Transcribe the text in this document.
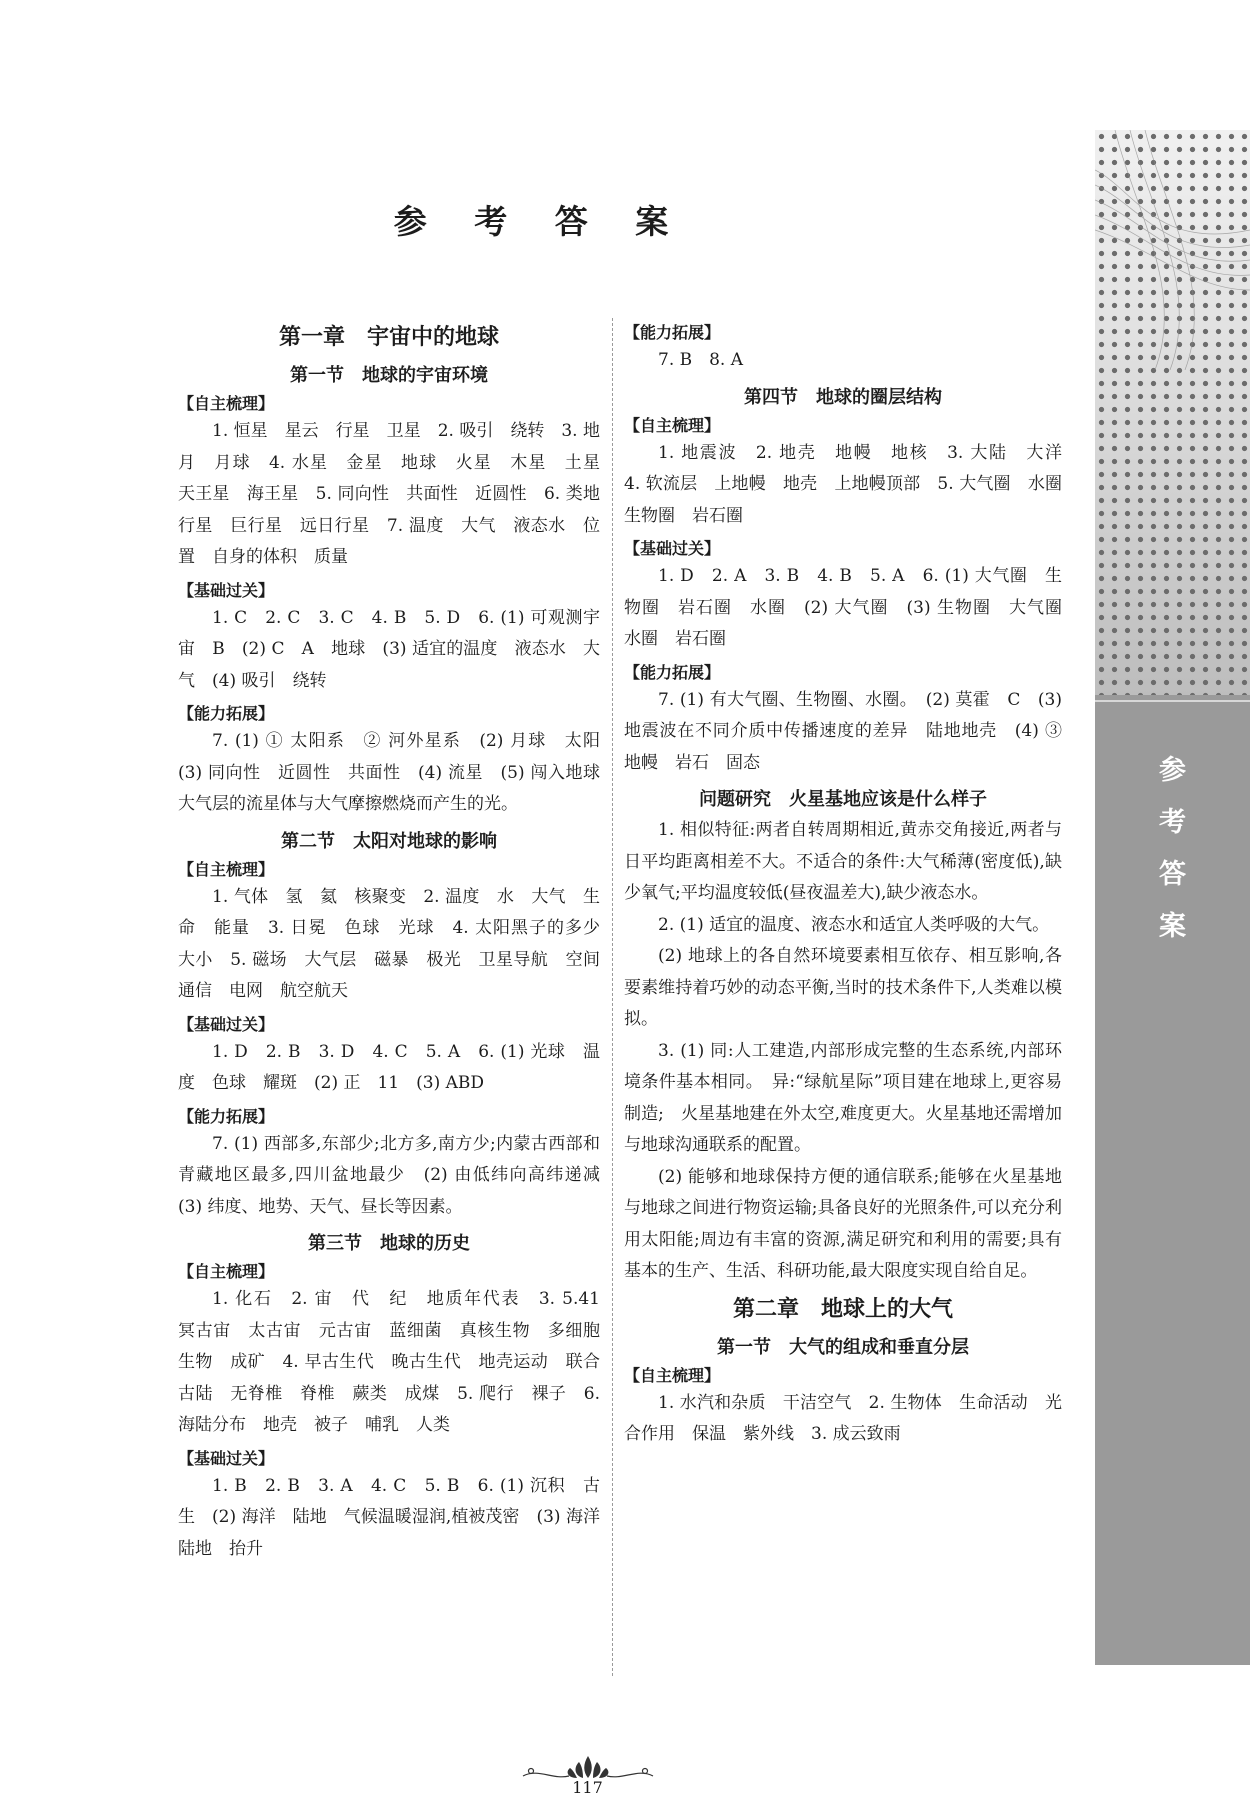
参 考 答 案
第一章　宇宙中的地球
第一节　地球的宇宙环境
【自主梳理】

1. 恒星　星云　行星　卫星　2. 吸引　绕转　3. 地月　月球　4. 水星　金星　地球　火星　木星　土星　天王星　海王星　5. 同向性　共面性　近圆性　6. 类地行星　巨行星　远日行星　7. 温度　大气　液态水　位置　自身的体积　质量

【基础过关】

1. C　2. C　3. C　4. B　5. D　6. (1) 可观测宇宙　B　(2) C　A　地球　(3) 适宜的温度　液态水　大气　(4) 吸引　绕转

【能力拓展】

7. (1) ① 太阳系　② 河外星系　(2) 月球　太阳　(3) 同向性　近圆性　共面性　(4) 流星　(5) 闯入地球大气层的流星体与大气摩擦燃烧而产生的光。

第二节　太阳对地球的影响
【自主梳理】

1. 气体　氢　氦　核聚变　2. 温度　水　大气　生命　能量　3. 日冕　色球　光球　4. 太阳黑子的多少　大小　5. 磁场　大气层　磁暴　极光　卫星导航　空间通信　电网　航空航天

【基础过关】

1. D　2. B　3. D　4. C　5. A　6. (1) 光球　温度　色球　耀斑　(2) 正　11　(3) ABD

【能力拓展】

7. (1) 西部多,东部少;北方多,南方少;内蒙古西部和青藏地区最多,四川盆地最少　(2) 由低纬向高纬递减　(3) 纬度、地势、天气、昼长等因素。

第三节　地球的历史
【自主梳理】

1. 化石　2. 宙　代　纪　地质年代表　3. 5.41　冥古宙　太古宙　元古宙　蓝细菌　真核生物　多细胞生物　成矿　4. 早古生代　晚古生代　地壳运动　联合古陆　无脊椎　脊椎　蕨类　成煤　5. 爬行　裸子　6. 海陆分布　地壳　被子　哺乳　人类

【基础过关】

1. B　2. B　3. A　4. C　5. B　6. (1) 沉积　古生　(2) 海洋　陆地　气候温暖湿润,植被茂密　(3) 海洋　陆地　抬升

【能力拓展】

7. B　8. A

第四节　地球的圈层结构
【自主梳理】

1. 地震波　2. 地壳　地幔　地核　3. 大陆　大洋　4. 软流层　上地幔　地壳　上地幔顶部　5. 大气圈　水圈　生物圈　岩石圈

【基础过关】

1. D　2. A　3. B　4. B　5. A　6. (1) 大气圈　生物圈　岩石圈　水圈　(2) 大气圈　(3) 生物圈　大气圈　水圈　岩石圈

【能力拓展】

7. (1) 有大气圈、生物圈、水圈。　(2) 莫霍　C　(3) 地震波在不同介质中传播速度的差异　陆地地壳　(4) ③　地幔　岩石　固态

问题研究　火星基地应该是什么样子

1. 相似特征:两者自转周期相近,黄赤交角接近,两者与日平均距离相差不大。不适合的条件:大气稀薄(密度低),缺少氧气;平均温度较低(昼夜温差大),缺少液态水。

2. (1) 适宜的温度、液态水和适宜人类呼吸的大气。

(2) 地球上的各自然环境要素相互依存、相互影响,各要素维持着巧妙的动态平衡,当时的技术条件下,人类难以模拟。

3. (1) 同:人工建造,内部形成完整的生态系统,内部环境条件基本相同。　异:“绿航星际”项目建在地球上,更容易制造;　火星基地建在外太空,难度更大。火星基地还需增加与地球沟通联系的配置。

(2) 能够和地球保持方便的通信联系;能够在火星基地与地球之间进行物资运输;具备良好的光照条件,可以充分利用太阳能;周边有丰富的资源,满足研究和利用的需要;具有基本的生产、生活、科研功能,最大限度实现自给自足。

第二章　地球上的大气
第一节　大气的组成和垂直分层
【自主梳理】

1. 水汽和杂质　干洁空气　2. 生物体　生命活动　光合作用　保温　紫外线　3. 成云致雨

参
考
答
案
117
